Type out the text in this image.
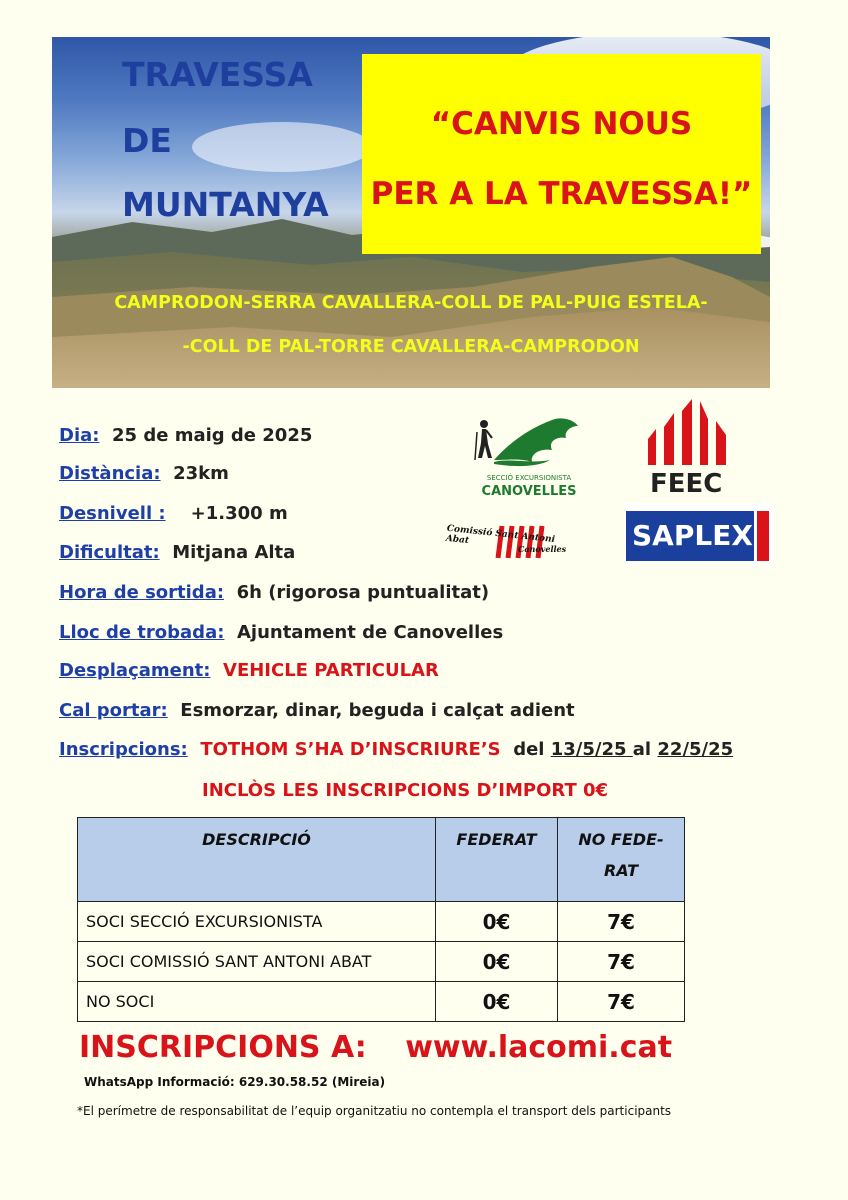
TRAVESSA
DE
MUNTANYA
“CANVIS NOUS
PER A LA TRAVESSA!”
CAMPRODON-SERRA CAVALLERA-COLL DE PAL-PUIG ESTELA-
-COLL DE PAL-TORRE CAVALLERA-CAMPRODON
Dia: 25 de maig de 2025
Distància: 23km
Desnivell : +1.300 m
Dificultat: Mitjana Alta
Hora de sortida: 6h (rigorosa puntualitat)
Lloc de trobada: Ajuntament de Canovelles
Desplaçament: VEHICLE PARTICULAR
Cal portar: Esmorzar, dinar, beguda i calçat adient
Inscripcions: TOTHOM S’HA D’INSCRIURE’S del 13/5/25 al 22/5/25
INCLÒS LES INSCRIPCIONS D’IMPORT 0€
SECCIÓ EXCURSIONISTA
CANOVELLES	FEEC
Comissió Sant Antoni Abat
Canovelles SAPLEX
DESCRIPCIÓ	FEDERAT	NO FEDE-
RAT

SOCI SECCIÓ EXCURSIONISTA	0€	7€
SOCI COMISSIÓ SANT ANTONI ABAT	0€	7€
NO SOCI	0€	7€
INSCRIPCIONS A: www.lacomi.cat
WhatsApp Informació: 629.30.58.52 (Mireia)
*El perímetre de responsabilitat de l’equip organitzatiu no contempla el transport dels participants
